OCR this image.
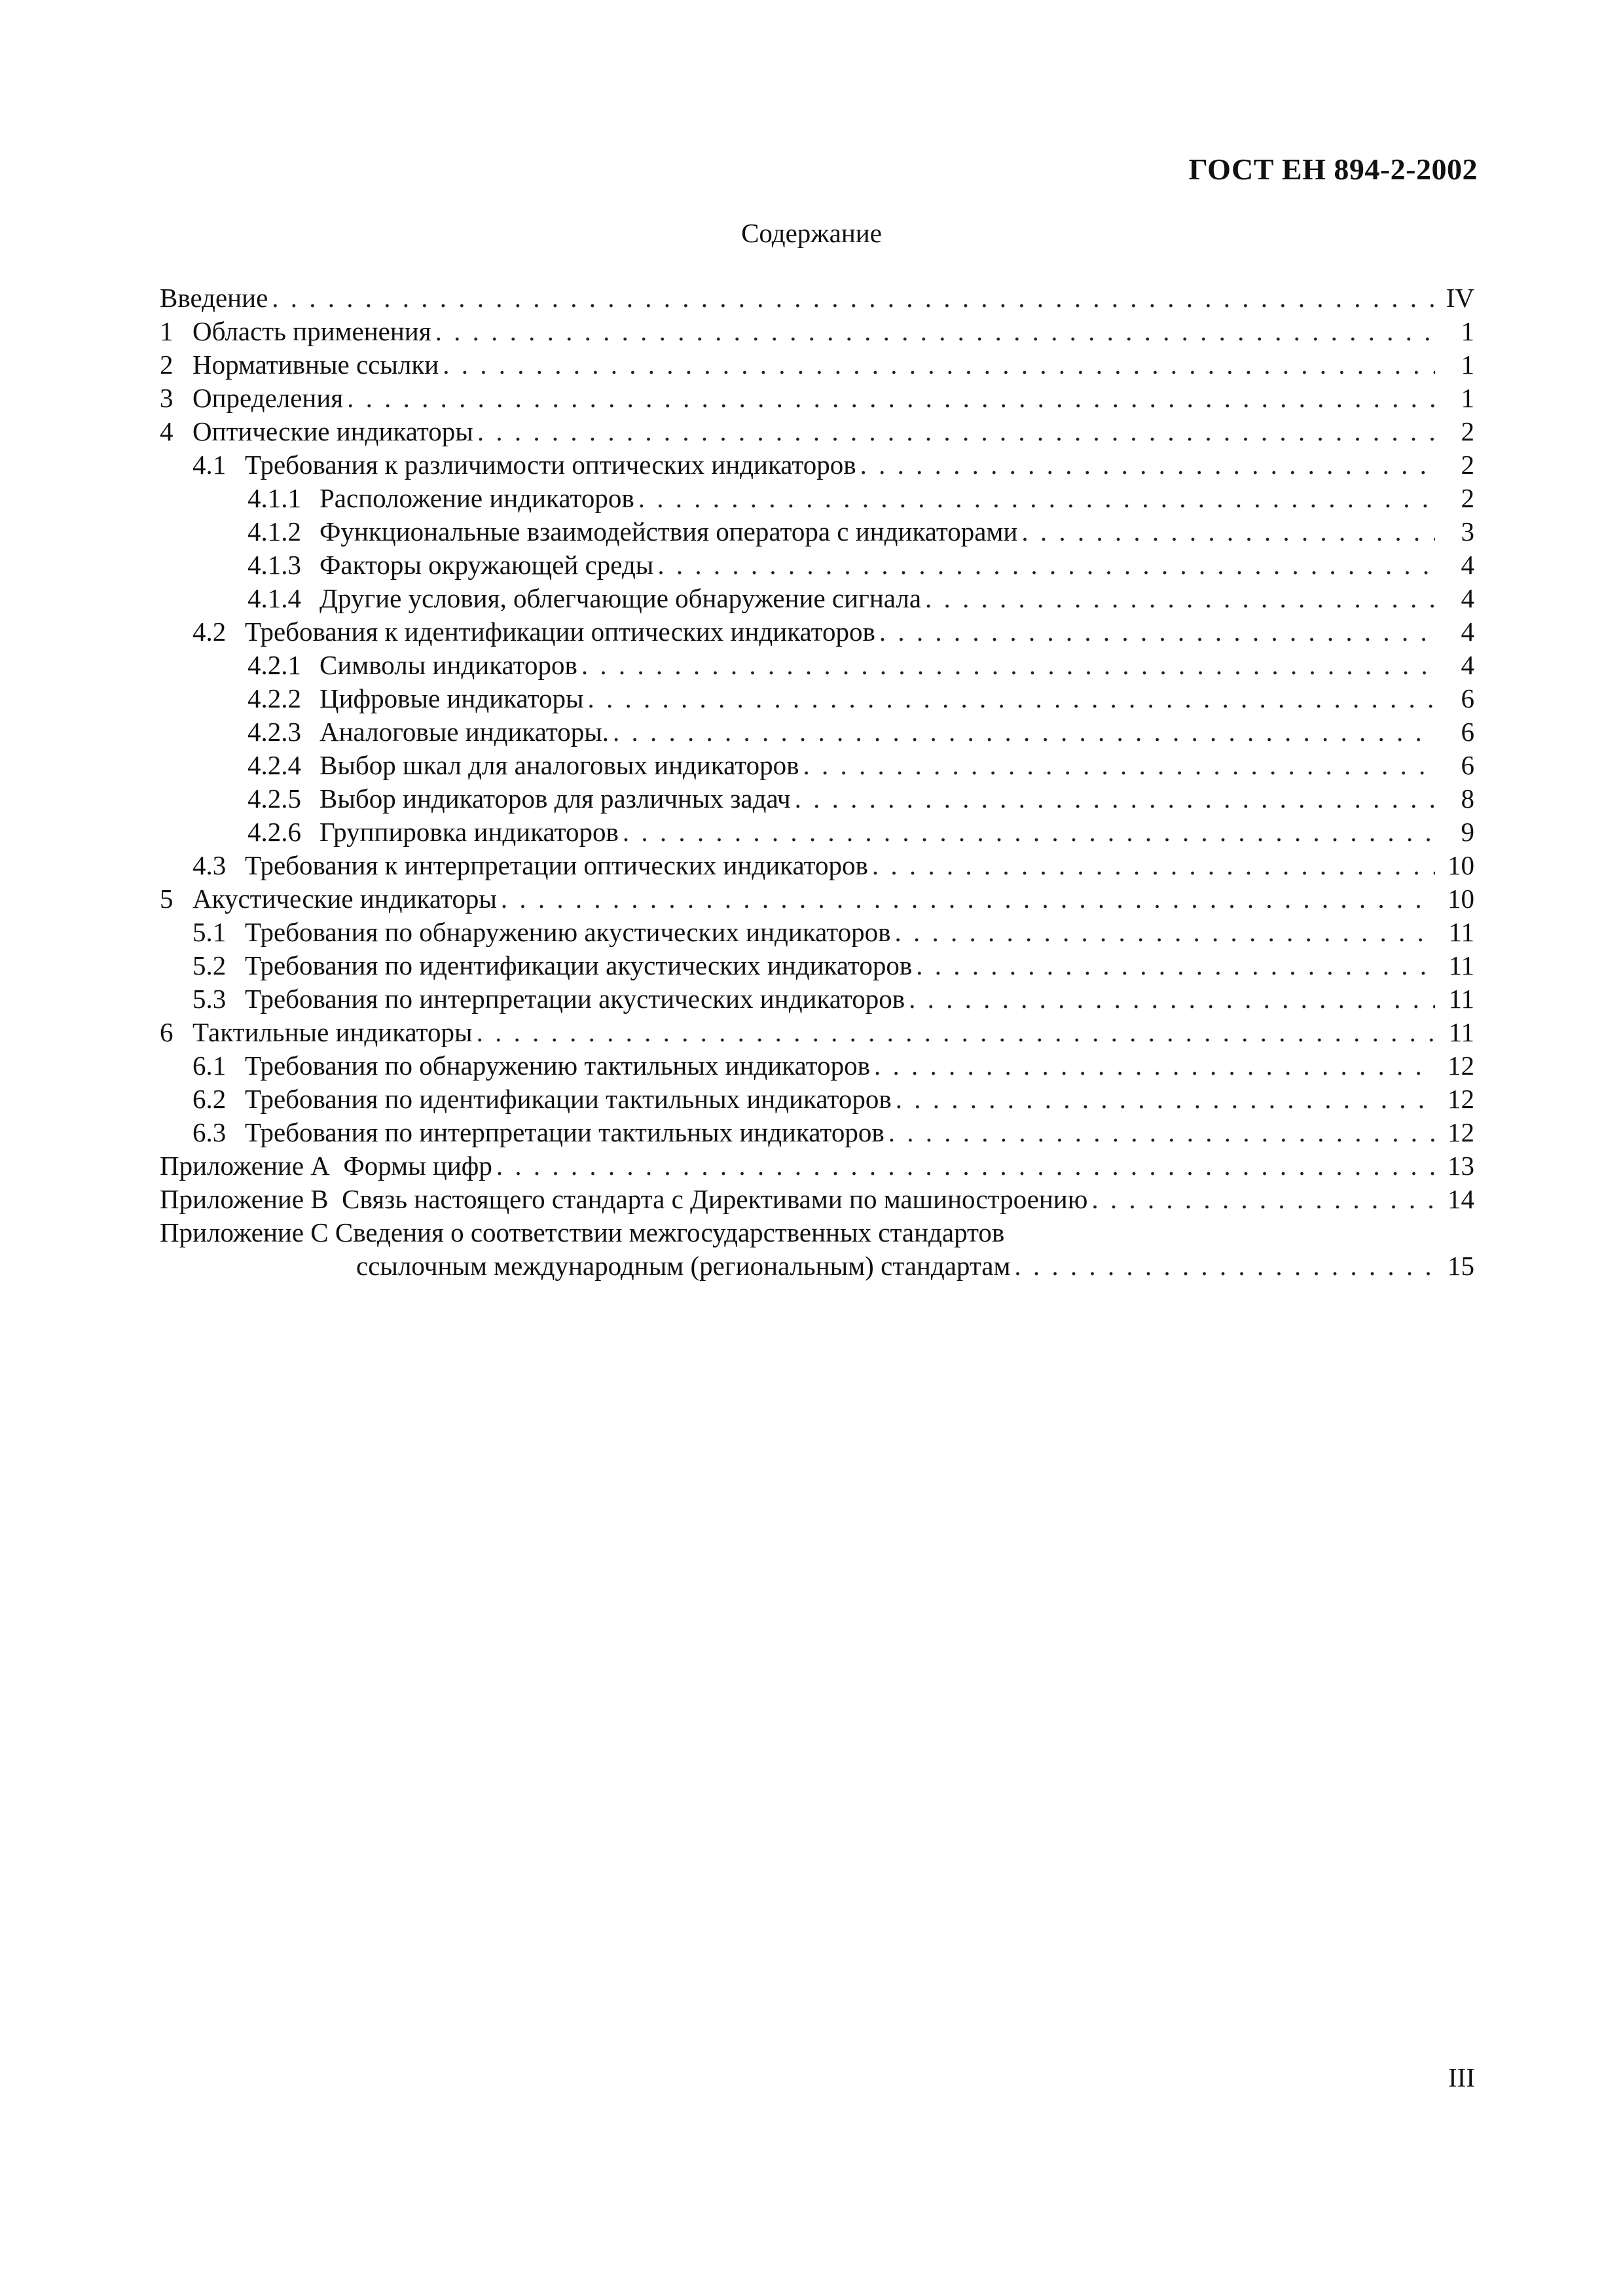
ГОСТ ЕН 894-2-2002
Содержание
Введение . . .	IV
1 Область применения . . .	1
2 Нормативные ссылки . . .	1
3 Определения . . .	1
4 Оптические индикаторы . . .	2
4.1 Требования к различимости оптических индикаторов . . .	2
4.1.1 Расположение индикаторов . . .	2
4.1.2 Функциональные взаимодействия оператора с индикаторами . . .	3
4.1.3 Факторы окружающей среды . . .	4
4.1.4 Другие условия, облегчающие обнаружение сигнала . . .	4
4.2 Требования к идентификации оптических индикаторов . . .	4
4.2.1 Символы индикаторов . . .	4
4.2.2 Цифровые индикаторы . . .	6
4.2.3 Аналоговые индикаторы. . . .	6
4.2.4 Выбор шкал для аналоговых индикаторов . . .	6
4.2.5 Выбор индикаторов для различных задач . . .	8
4.2.6 Группировка индикаторов . . .	9
4.3 Требования к интерпретации оптических индикаторов . . .	10
5 Акустические индикаторы . . .	10
5.1 Требования по обнаружению акустических индикаторов . . .	11
5.2 Требования по идентификации акустических индикаторов . . .	11
5.3 Требования по интерпретации акустических индикаторов . . .	11
6 Тактильные индикаторы . . .	11
6.1 Требования по обнаружению тактильных индикаторов . . .	12
6.2 Требования по идентификации тактильных индикаторов . . .	12
6.3 Требования по интерпретации тактильных индикаторов . . .	12
Приложение А  Формы цифр . . .	13
Приложение В  Связь настоящего стандарта с Директивами по машиностроению . . .	14
Приложение С Сведения о соответствии межгосударственных стандартов
ссылочным международным (региональным) стандартам . . .	15
III
